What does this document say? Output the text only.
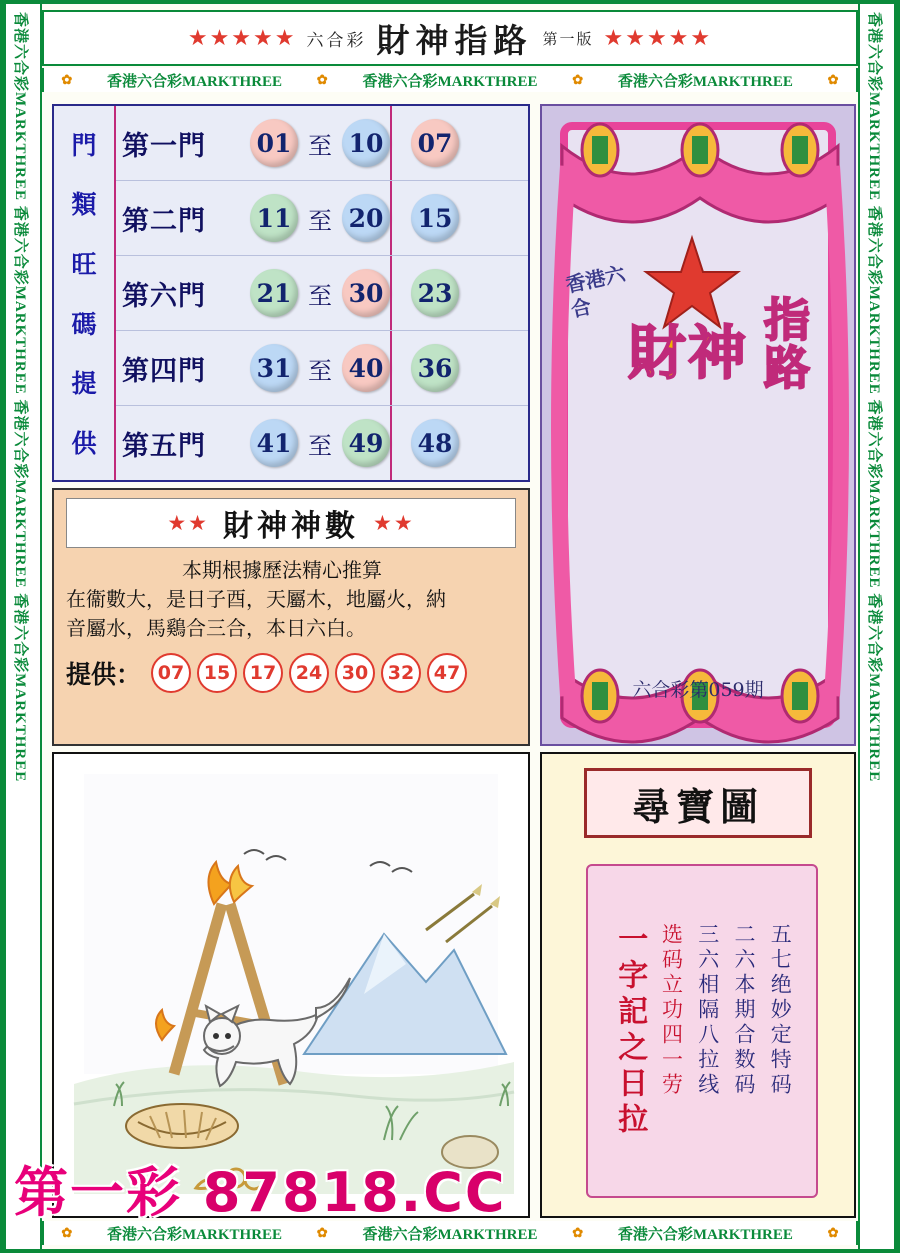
香港六合彩MARKTHREE 香港六合彩MARKTHREE 香港六合彩MARKTHREE 香港六合彩MARKTHREE	香港六合彩MARKTHREE 香港六合彩MARKTHREE 香港六合彩MARKTHREE 香港六合彩MARKTHREE
★★★★★ 六合彩 財神指路 第一版 ★★★★★
✿ 香港六合彩MARKTHREE	✿ 香港六合彩MARKTHREE	✿ 香港六合彩MARKTHREE	✿
門
類
旺
碼
提
供
第一門	01 至 10 07
第二門	11 至 20 15
第六門	21 至 30 23
第四門	31 至 40 36
第五門	41 至 49 48
★★ 財神神數 ★★
本期根據歷法精心推算
在衞數大，是日子酉，天屬木，地屬火，納
音屬水，馬鷄合三合，本日六白。
提供： 07	15	17	24	30	32	47
香港六合
財神 指路
六合彩第059期
尋寶圖
五七绝妙定特码
二六本期合数码
三六相隔八拉线
选码立功四一劳
一字記之日拉
第一彩 87818.CC
✿ 香港六合彩MARKTHREE	✿ 香港六合彩MARKTHREE	✿ 香港六合彩MARKTHREE	✿
